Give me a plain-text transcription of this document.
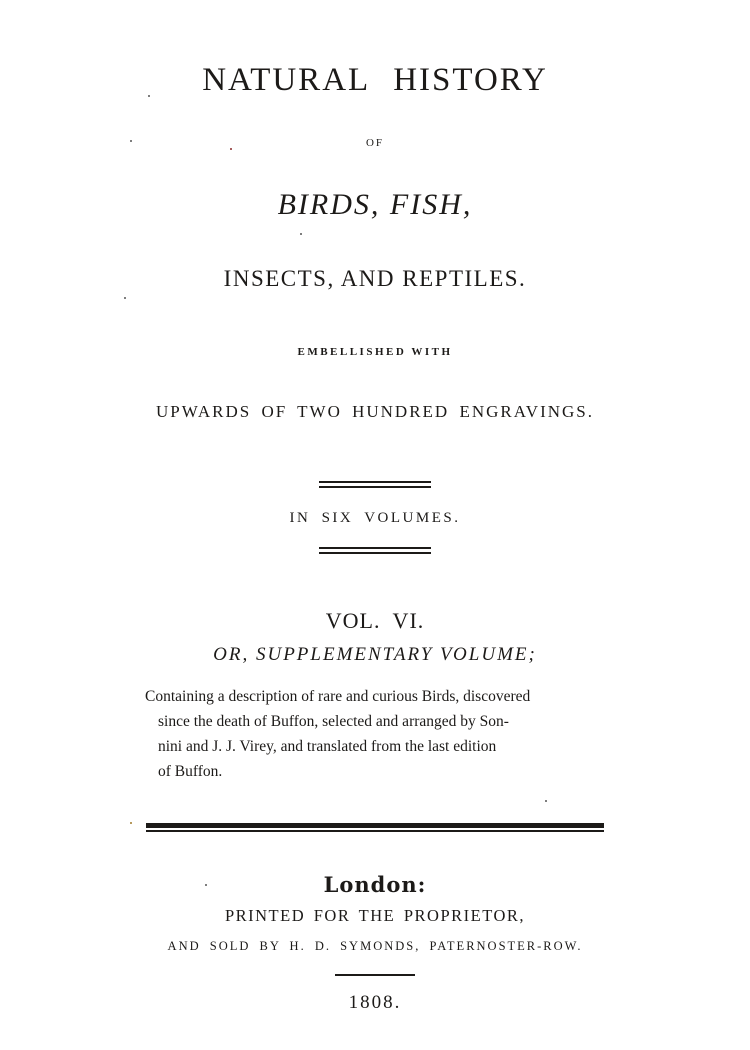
NATURAL HISTORY
OF
BIRDS, FISH,
INSECTS, AND REPTILES.
EMBELLISHED WITH
UPWARDS OF TWO HUNDRED ENGRAVINGS.
IN SIX VOLUMES.
VOL. VI.
OR, SUPPLEMENTARY VOLUME;
Containing a description of rare and curious Birds, discovered
since the death of Buffon, selected and arranged by Son-
nini and J. J. Virey, and translated from the last edition
of Buffon.
London:
PRINTED FOR THE PROPRIETOR,
AND SOLD BY H. D. SYMONDS, PATERNOSTER-ROW.
1808.
